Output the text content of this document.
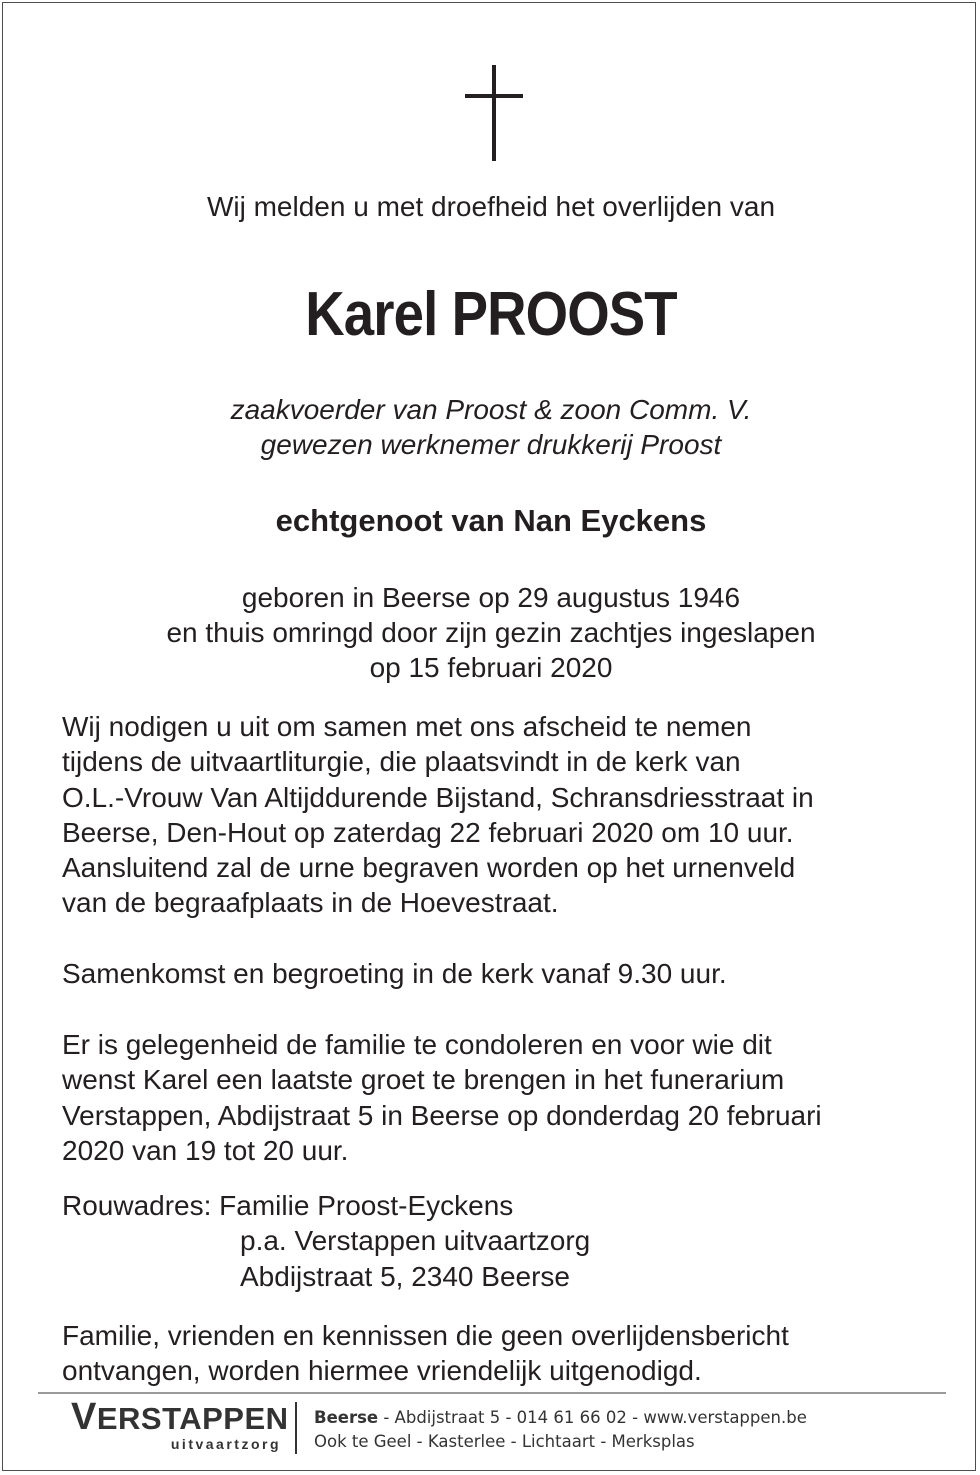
Wij melden u met droefheid het overlijden van
Karel PROOST
zaakvoerder van Proost & zoon Comm. V.
gewezen werknemer drukkerij Proost
echtgenoot van Nan Eyckens
geboren in Beerse op 29 augustus 1946
en thuis omringd door zijn gezin zachtjes ingeslapen
op 15 februari 2020
Wij nodigen u uit om samen met ons afscheid te nemen
tijdens de uitvaartliturgie, die plaatsvindt in de kerk van
O.L.-Vrouw Van Altijddurende Bijstand, Schransdriesstraat in
Beerse, Den-Hout op zaterdag 22 februari 2020 om 10 uur.
Aansluitend zal de urne begraven worden op het urnenveld
van de begraafplaats in de Hoevestraat.
Samenkomst en begroeting in de kerk vanaf 9.30 uur.
Er is gelegenheid de familie te condoleren en voor wie dit
wenst Karel een laatste groet te brengen in het funerarium
Verstappen, Abdijstraat 5 in Beerse op donderdag 20 februari
2020 van 19 tot 20 uur.
Rouwadres: Familie Proost-Eyckens
p.a. Verstappen uitvaartzorg
Abdijstraat 5, 2340 Beerse
Familie, vrienden en kennissen die geen overlijdensbericht
ontvangen, worden hiermee vriendelijk uitgenodigd.
VERSTAPPEN
uitvaartzorg
Beerse - Abdijstraat 5 - 014 61 66 02 - www.verstappen.be
Ook te Geel - Kasterlee - Lichtaart - Merksplas
